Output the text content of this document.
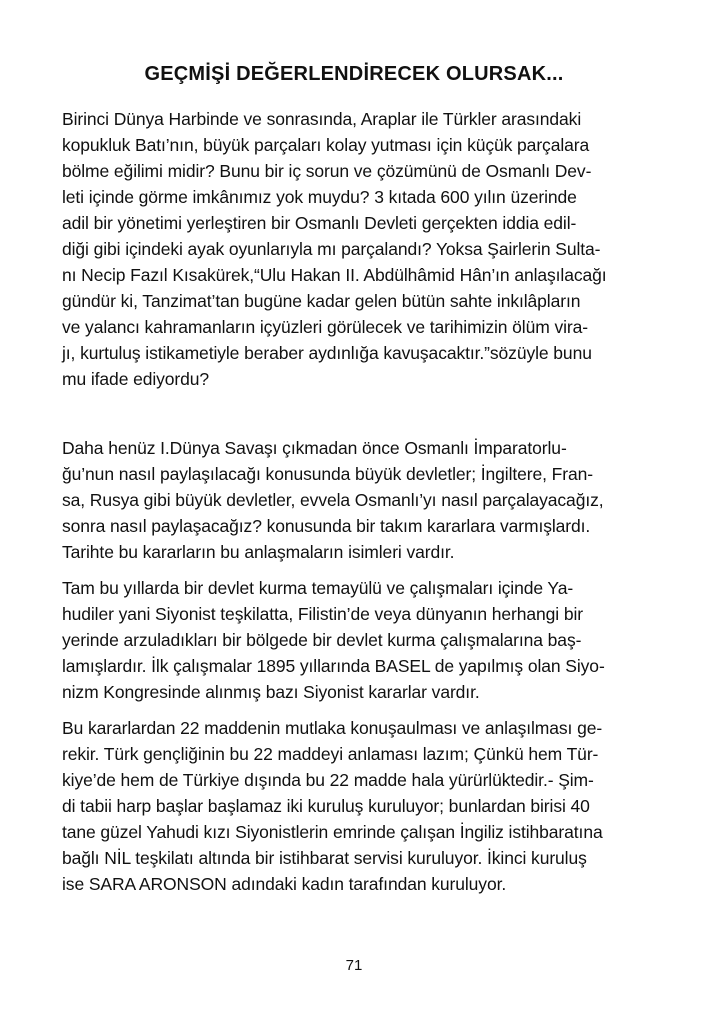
GEÇMİŞİ DEĞERLENDİRECEK OLURSAK...
Birinci Dünya Harbinde ve sonrasında, Araplar ile Türkler arasındaki
kopukluk Batı’nın, büyük parçaları kolay yutması için küçük parçalara
bölme eğilimi midir? Bunu bir iç sorun ve çözümünü de Osmanlı Dev-
leti içinde görme imkânımız yok muydu? 3 kıtada 600 yılın üzerinde
adil bir yönetimi yerleştiren bir Osmanlı Devleti gerçekten iddia edil-
diği gibi içindeki ayak oyunlarıyla mı parçalandı? Yoksa Şairlerin Sulta-
nı Necip Fazıl Kısakürek,“Ulu Hakan II. Abdülhâmid Hân’ın anlaşılacağı
gündür ki, Tanzimat’tan bugüne kadar gelen bütün sahte inkılâpların
ve yalancı kahramanların içyüzleri görülecek ve tarihimizin ölüm vira-
jı, kurtuluş istikametiyle beraber aydınlığa kavuşacaktır.”sözüyle bunu
mu ifade ediyordu?
Daha henüz I.Dünya Savaşı çıkmadan önce Osmanlı İmparatorlu-
ğu’nun nasıl paylaşılacağı konusunda büyük devletler; İngiltere, Fran-
sa, Rusya gibi büyük devletler, evvela Osmanlı’yı nasıl parçalayacağız,
sonra nasıl paylaşacağız? konusunda bir takım kararlara varmışlardı.
Tarihte bu kararların bu anlaşmaların isimleri vardır.
Tam bu yıllarda bir devlet kurma temayülü ve çalışmaları içinde Ya-
hudiler yani Siyonist teşkilatta, Filistin’de veya dünyanın herhangi bir
yerinde arzuladıkları bir bölgede bir devlet kurma çalışmalarına baş-
lamışlardır. İlk çalışmalar 1895 yıllarında BASEL de yapılmış olan Siyo-
nizm Kongresinde alınmış bazı Siyonist kararlar vardır.
Bu kararlardan 22 maddenin mutlaka konuşaulması ve anlaşılması ge-
rekir. Türk gençliğinin bu 22 maddeyi anlaması lazım; Çünkü hem Tür-
kiye’de hem de Türkiye dışında bu 22 madde hala yürürlüktedir.- Şim-
di tabii harp başlar başlamaz iki kuruluş kuruluyor; bunlardan birisi 40
tane güzel Yahudi kızı Siyonistlerin emrinde çalışan İngiliz istihbaratına
bağlı NİL teşkilatı altında bir istihbarat servisi kuruluyor. İkinci kuruluş
ise SARA ARONSON adındaki kadın tarafından kuruluyor.
71
